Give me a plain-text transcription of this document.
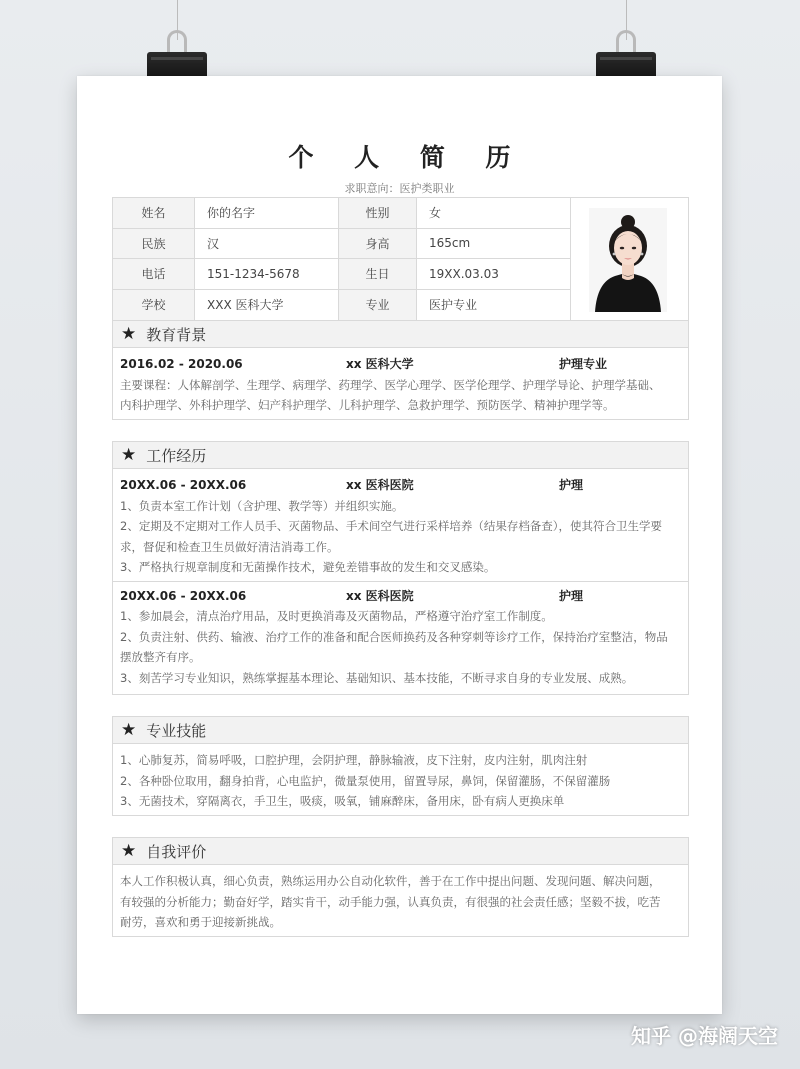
个 人 简 历
求职意向：医护类职业
姓名	你的名字	性别	女
民族	汉	身高	165cm
电话	151-1234-5678	生日	19XX.03.03
学校	XXX 医科大学	专业	医护专业
★ 教育背景
2016.02 - 2020.06	xx 医科大学	护理专业
主要课程：人体解剖学、生理学、病理学、药理学、医学心理学、医学伦理学、护理学导论、护理学基础、
内科护理学、外科护理学、妇产科护理学、儿科护理学、急救护理学、预防医学、精神护理学等。
★ 工作经历
20XX.06 - 20XX.06	xx 医科医院	护理
1、负责本室工作计划（含护理、教学等）并组织实施。
2、定期及不定期对工作人员手、灭菌物品、手术间空气进行采样培养（结果存档备查），使其符合卫生学要
求，督促和检查卫生员做好清洁消毒工作。
3、严格执行规章制度和无菌操作技术，避免差错事故的发生和交叉感染。
20XX.06 - 20XX.06	xx 医科医院	护理
1、参加晨会，清点治疗用品，及时更换消毒及灭菌物品，严格遵守治疗室工作制度。
2、负责注射、供药、输液、治疗工作的准备和配合医师换药及各种穿刺等诊疗工作，保持治疗室整洁，物品
摆放整齐有序。
3、刻苦学习专业知识，熟练掌握基本理论、基础知识、基本技能，不断寻求自身的专业发展、成熟。
★ 专业技能
1、心肺复苏，简易呼吸，口腔护理，会阴护理，静脉输液，皮下注射，皮内注射，肌肉注射
2、各种卧位取用，翻身拍背，心电监护，微量泵使用，留置导尿，鼻饲，保留灌肠，不保留灌肠
3、无菌技术，穿隔离衣，手卫生，吸痰，吸氧，铺麻醉床，备用床，卧有病人更换床单
★ 自我评价
本人工作积极认真，细心负责，熟练运用办公自动化软件，善于在工作中提出问题、发现问题、解决问题，
有较强的分析能力；勤奋好学，踏实肯干，动手能力强，认真负责，有很强的社会责任感；坚毅不拔，吃苦
耐劳，喜欢和勇于迎接新挑战。
知乎 @海阔天空
